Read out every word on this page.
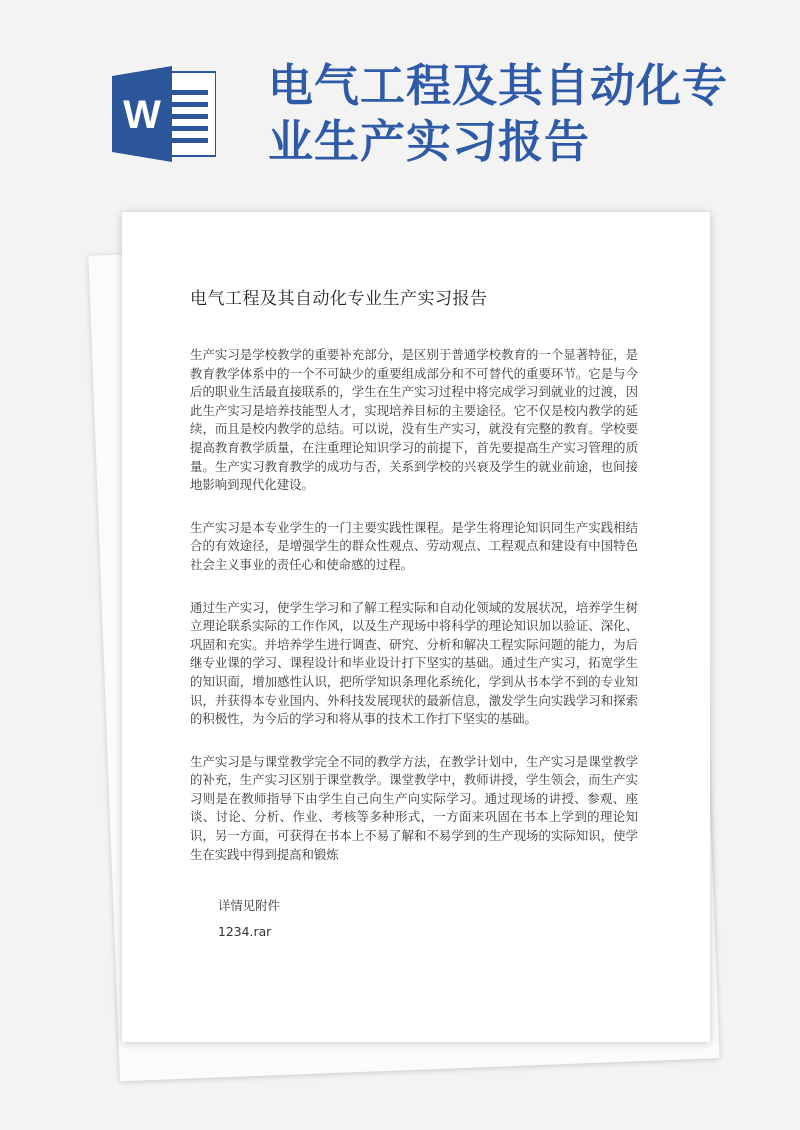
W
电气工程及其自动化专
业生产实习报告
电气工程及其自动化专业生产实习报告

生产实习是学校教学的重要补充部分，是区别于普通学校教育的一个显著特征，是教育教学体系中的一个不可缺少的重要组成部分和不可替代的重要环节。它是与今后的职业生活最直接联系的，学生在生产实习过程中将完成学习到就业的过渡，因此生产实习是培养技能型人才，实现培养目标的主要途径。它不仅是校内教学的延续，而且是校内教学的总结。可以说，没有生产实习，就没有完整的教育。学校要提高教育教学质量，在注重理论知识学习的前提下，首先要提高生产实习管理的质量。生产实习教育教学的成功与否，关系到学校的兴衰及学生的就业前途，也间接地影响到现代化建设。

生产实习是本专业学生的一门主要实践性课程。是学生将理论知识同生产实践相结合的有效途径，是增强学生的群众性观点、劳动观点、工程观点和建设有中国特色社会主义事业的责任心和使命感的过程。

通过生产实习，使学生学习和了解工程实际和自动化领域的发展状况，培养学生树立理论联系实际的工作作风，以及生产现场中将科学的理论知识加以验证、深化、巩固和充实。并培养学生进行调查、研究、分析和解决工程实际问题的能力，为后继专业课的学习、课程设计和毕业设计打下坚实的基础。通过生产实习，拓宽学生的知识面，增加感性认识，把所学知识条理化系统化，学到从书本学不到的专业知识，并获得本专业国内、外科技发展现状的最新信息，激发学生向实践学习和探索的积极性，为今后的学习和将从事的技术工作打下坚实的基础。

生产实习是与课堂教学完全不同的教学方法，在教学计划中，生产实习是课堂教学的补充，生产实习区别于课堂教学。课堂教学中，教师讲授，学生领会，而生产实习则是在教师指导下由学生自己向生产向实际学习。通过现场的讲授、参观、座谈、讨论、分析、作业、考核等多种形式，一方面来巩固在书本上学到的理论知识，另一方面，可获得在书本上不易了解和不易学到的生产现场的实际知识，使学生在实践中得到提高和锻炼

详情见附件
1234.rar
